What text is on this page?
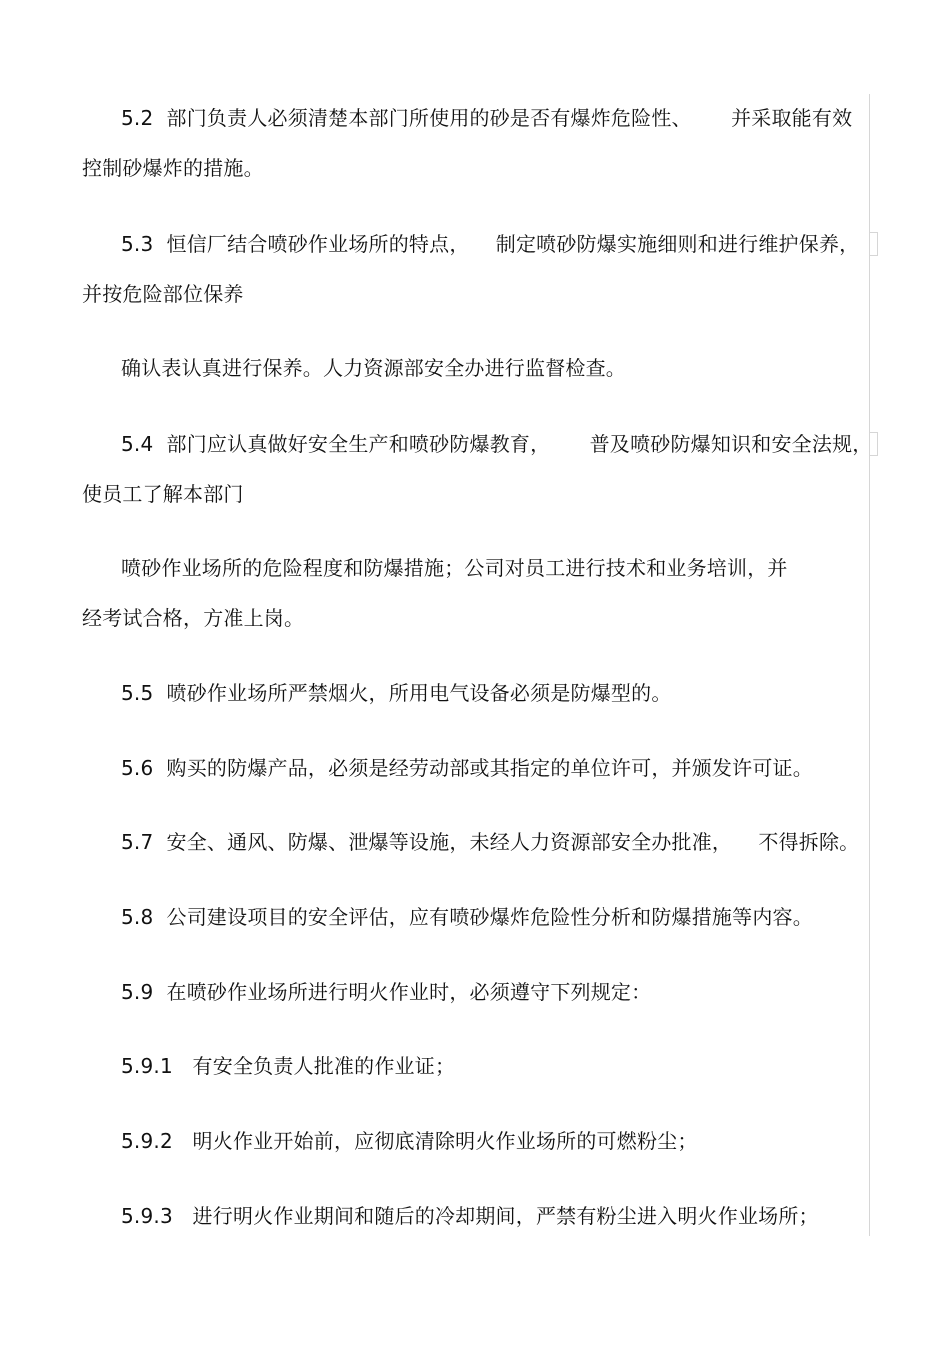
5.2  部门负责人必须清楚本部门所使用的砂是否有爆炸危险性、      并采取能有效
控制砂爆炸的措施。
5.3  恒信厂结合喷砂作业场所的特点，    制定喷砂防爆实施细则和进行维护保养，
并按危险部位保养
确认表认真进行保养。人力资源部安全办进行监督检查。
5.4  部门应认真做好安全生产和喷砂防爆教育，      普及喷砂防爆知识和安全法规，
使员工了解本部门
喷砂作业场所的危险程度和防爆措施；公司对员工进行技术和业务培训，并
经考试合格，方准上岗。
5.5  喷砂作业场所严禁烟火，所用电气设备必须是防爆型的。
5.6  购买的防爆产品，必须是经劳动部或其指定的单位许可，并颁发许可证。
5.7  安全、通风、防爆、泄爆等设施，未经人力资源部安全办批准，    不得拆除。
5.8  公司建设项目的安全评估，应有喷砂爆炸危险性分析和防爆措施等内容。
5.9  在喷砂作业场所进行明火作业时，必须遵守下列规定：
5.9.1   有安全负责人批准的作业证；
5.9.2   明火作业开始前，应彻底清除明火作业场所的可燃粉尘；
5.9.3   进行明火作业期间和随后的冷却期间，严禁有粉尘进入明火作业场所；
